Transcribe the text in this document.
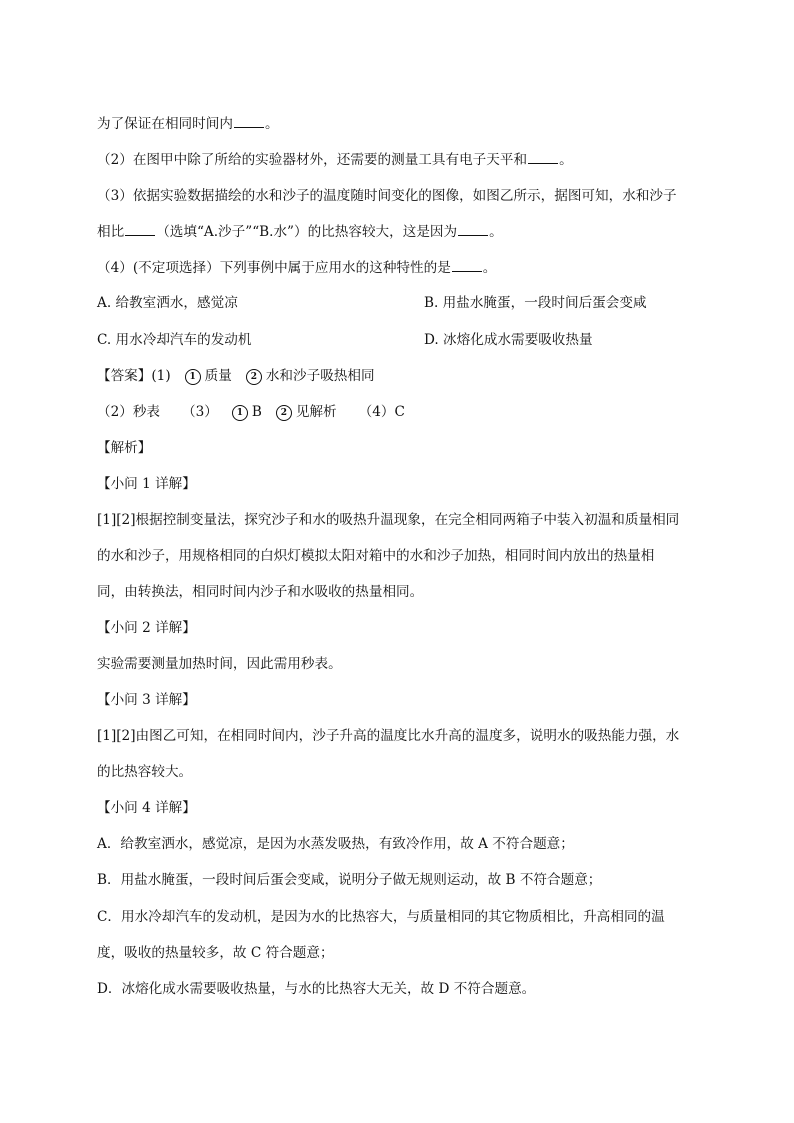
为了保证在相同时间内 。
（2）在图甲中除了所给的实验器材外，还需要的测量工具有电子天平和 。
（3）依据实验数据描绘的水和沙子的温度随时间变化的图像，如图乙所示，据图可知，水和沙子
相比 （选填“A.沙子”“B.水”）的比热容较大，这是因为 。
（4）(不定项选择）下列事例中属于应用水的这种特性的是 。
A. 给教室洒水，感觉凉	B. 用盐水腌蛋，一段时间后蛋会变咸
C. 用水冷却汽车的发动机	D. 冰熔化成水需要吸收热量
【答案】(1) 1 质量 2 水和沙子吸热相同
（2）秒表 （3） 1 B 2 见解析 （4）C
【解析】
【小问 1 详解】
[1][2]根据控制变量法，探究沙子和水的吸热升温现象，在完全相同两箱子中装入初温和质量相同
的水和沙子，用规格相同的白炽灯模拟太阳对箱中的水和沙子加热，相同时间内放出的热量相
同，由转换法，相同时间内沙子和水吸收的热量相同。
【小问 2 详解】
实验需要测量加热时间，因此需用秒表。
【小问 3 详解】
[1][2]由图乙可知，在相同时间内，沙子升高的温度比水升高的温度多，说明水的吸热能力强，水
的比热容较大。
【小问 4 详解】
A．给教室洒水，感觉凉，是因为水蒸发吸热，有致冷作用，故 A 不符合题意；
B．用盐水腌蛋，一段时间后蛋会变咸，说明分子做无规则运动，故 B 不符合题意；
C．用水冷却汽车的发动机，是因为水的比热容大，与质量相同的其它物质相比，升高相同的温
度，吸收的热量较多，故 C 符合题意；
D．冰熔化成水需要吸收热量，与水的比热容大无关，故 D 不符合题意。
